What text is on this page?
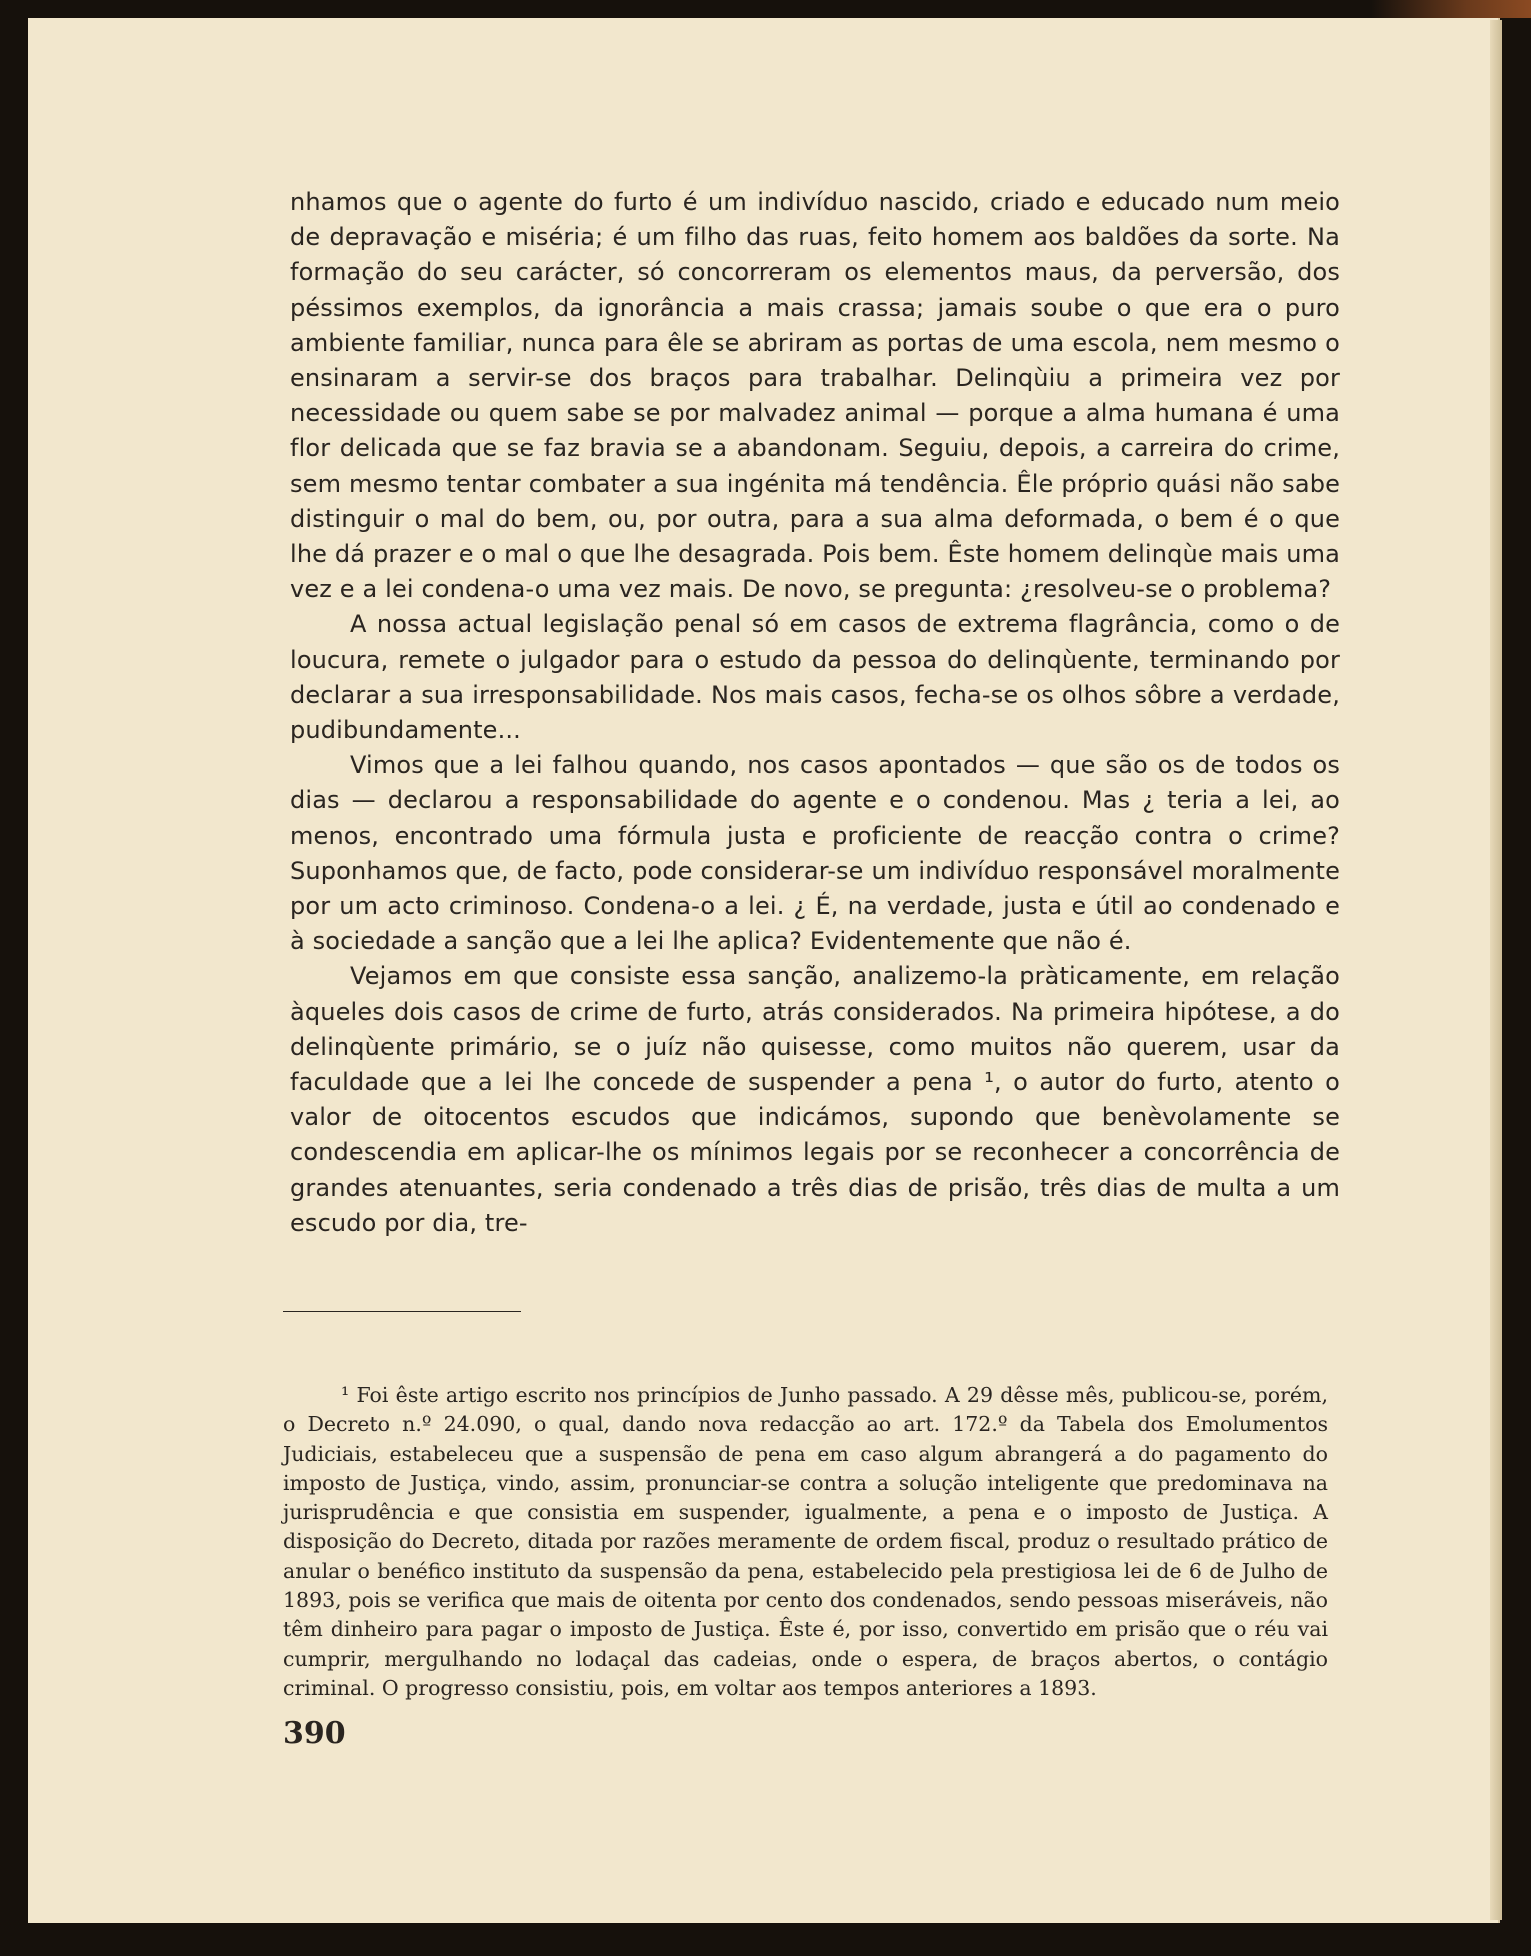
nhamos que o agente do furto é um indivíduo nascido, criado e educado num meio de depravação e miséria; é um filho das ruas, feito homem aos baldões da sorte. Na formação do seu carácter, só concorreram os elementos maus, da perversão, dos péssimos exemplos, da ignorância a mais crassa; jamais soube o que era o puro ambiente familiar, nunca para êle se abriram as portas de uma escola, nem mesmo o ensinaram a servir-se dos braços para trabalhar. Delinqùiu a primeira vez por necessidade ou quem sabe se por malvadez animal — porque a alma humana é uma flor delicada que se faz bravia se a abandonam. Seguiu, depois, a carreira do crime, sem mesmo tentar combater a sua ingénita má tendência. Êle próprio quási não sabe distinguir o mal do bem, ou, por outra, para a sua alma deformada, o bem é o que lhe dá prazer e o mal o que lhe desagrada. Pois bem. Êste homem delinqùe mais uma vez e a lei condena-o uma vez mais. De novo, se pregunta: ¿resolveu-se o problema?

A nossa actual legislação penal só em casos de extrema flagrância, como o de loucura, remete o julgador para o estudo da pessoa do delinqùente, terminando por declarar a sua irresponsabilidade. Nos mais casos, fecha-se os olhos sôbre a verdade, pudibundamente...

Vimos que a lei falhou quando, nos casos apontados — que são os de todos os dias — declarou a responsabilidade do agente e o condenou. Mas ¿ teria a lei, ao menos, encontrado uma fórmula justa e proficiente de reacção contra o crime? Suponhamos que, de facto, pode considerar-se um indivíduo responsável moralmente por um acto criminoso. Condena-o a lei. ¿ É, na verdade, justa e útil ao condenado e à sociedade a sanção que a lei lhe aplica? Evidentemente que não é.

Vejamos em que consiste essa sanção, analizemo-la pràticamente, em relação àqueles dois casos de crime de furto, atrás considerados. Na primeira hipótese, a do delinqùente primário, se o juíz não quisesse, como muitos não querem, usar da faculdade que a lei lhe concede de suspender a pena ¹, o autor do furto, atento o valor de oitocentos escudos que indicámos, supondo que benèvolamente se condescendia em aplicar-lhe os mínimos legais por se reconhecer a concorrência de grandes atenuantes, seria condenado a três dias de prisão, três dias de multa a um escudo por dia, tre-

¹ Foi êste artigo escrito nos princípios de Junho passado. A 29 dêsse mês, publicou-se, porém, o Decreto n.º 24.090, o qual, dando nova redacção ao art. 172.º da Tabela dos Emolumentos Judiciais, estabeleceu que a suspensão de pena em caso algum abrangerá a do pagamento do imposto de Justiça, vindo, assim, pronunciar-se contra a solução inteligente que predominava na jurisprudência e que consistia em suspender, igualmente, a pena e o imposto de Justiça. A disposição do Decreto, ditada por razões meramente de ordem fiscal, produz o resultado prático de anular o benéfico instituto da suspensão da pena, estabelecido pela prestigiosa lei de 6 de Julho de 1893, pois se verifica que mais de oitenta por cento dos condenados, sendo pessoas miseráveis, não têm dinheiro para pagar o imposto de Justiça. Êste é, por isso, convertido em prisão que o réu vai cumprir, mergulhando no lodaçal das cadeias, onde o espera, de braços abertos, o contágio criminal. O progresso consistiu, pois, em voltar aos tempos anteriores a 1893.

390
